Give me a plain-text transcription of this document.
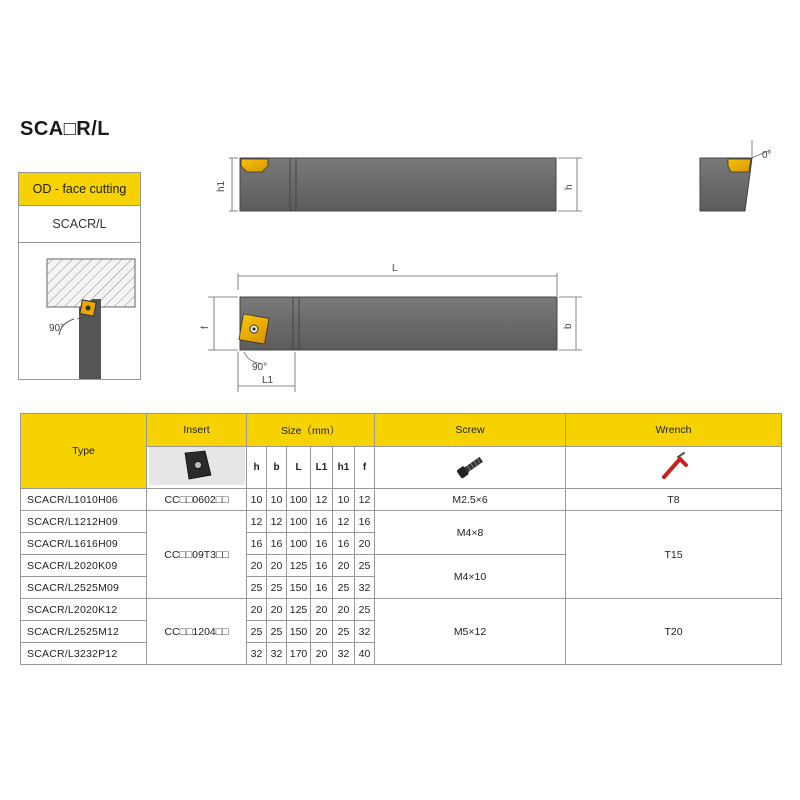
SCA□R/L
OD - face cutting
SCACR/L
90°
h1	h
0°
L
f	b
90°
L1
Type	Insert	Size（mm）						Screw	Wrench
	h	b	L	L1	h1	f		
SCACR/L1010H06	CC□□0602□□	10	10	100	12	10	12	M2.5×6	T8
SCACR/L1212H09	CC□□09T3□□	12	12	100	16	12	16	M4×8	T15
SCACR/L1616H09		16	16	100	16	16	20		
SCACR/L2020K09		20	20	125	16	20	25	M4×10	
SCACR/L2525M09		25	25	150	16	25	32		
SCACR/L2020K12	CC□□1204□□	20	20	125	20	20	25	M5×12	T20
SCACR/L2525M12		25	25	150	20	25	32		
SCACR/L3232P12		32	32	170	20	32	40		
